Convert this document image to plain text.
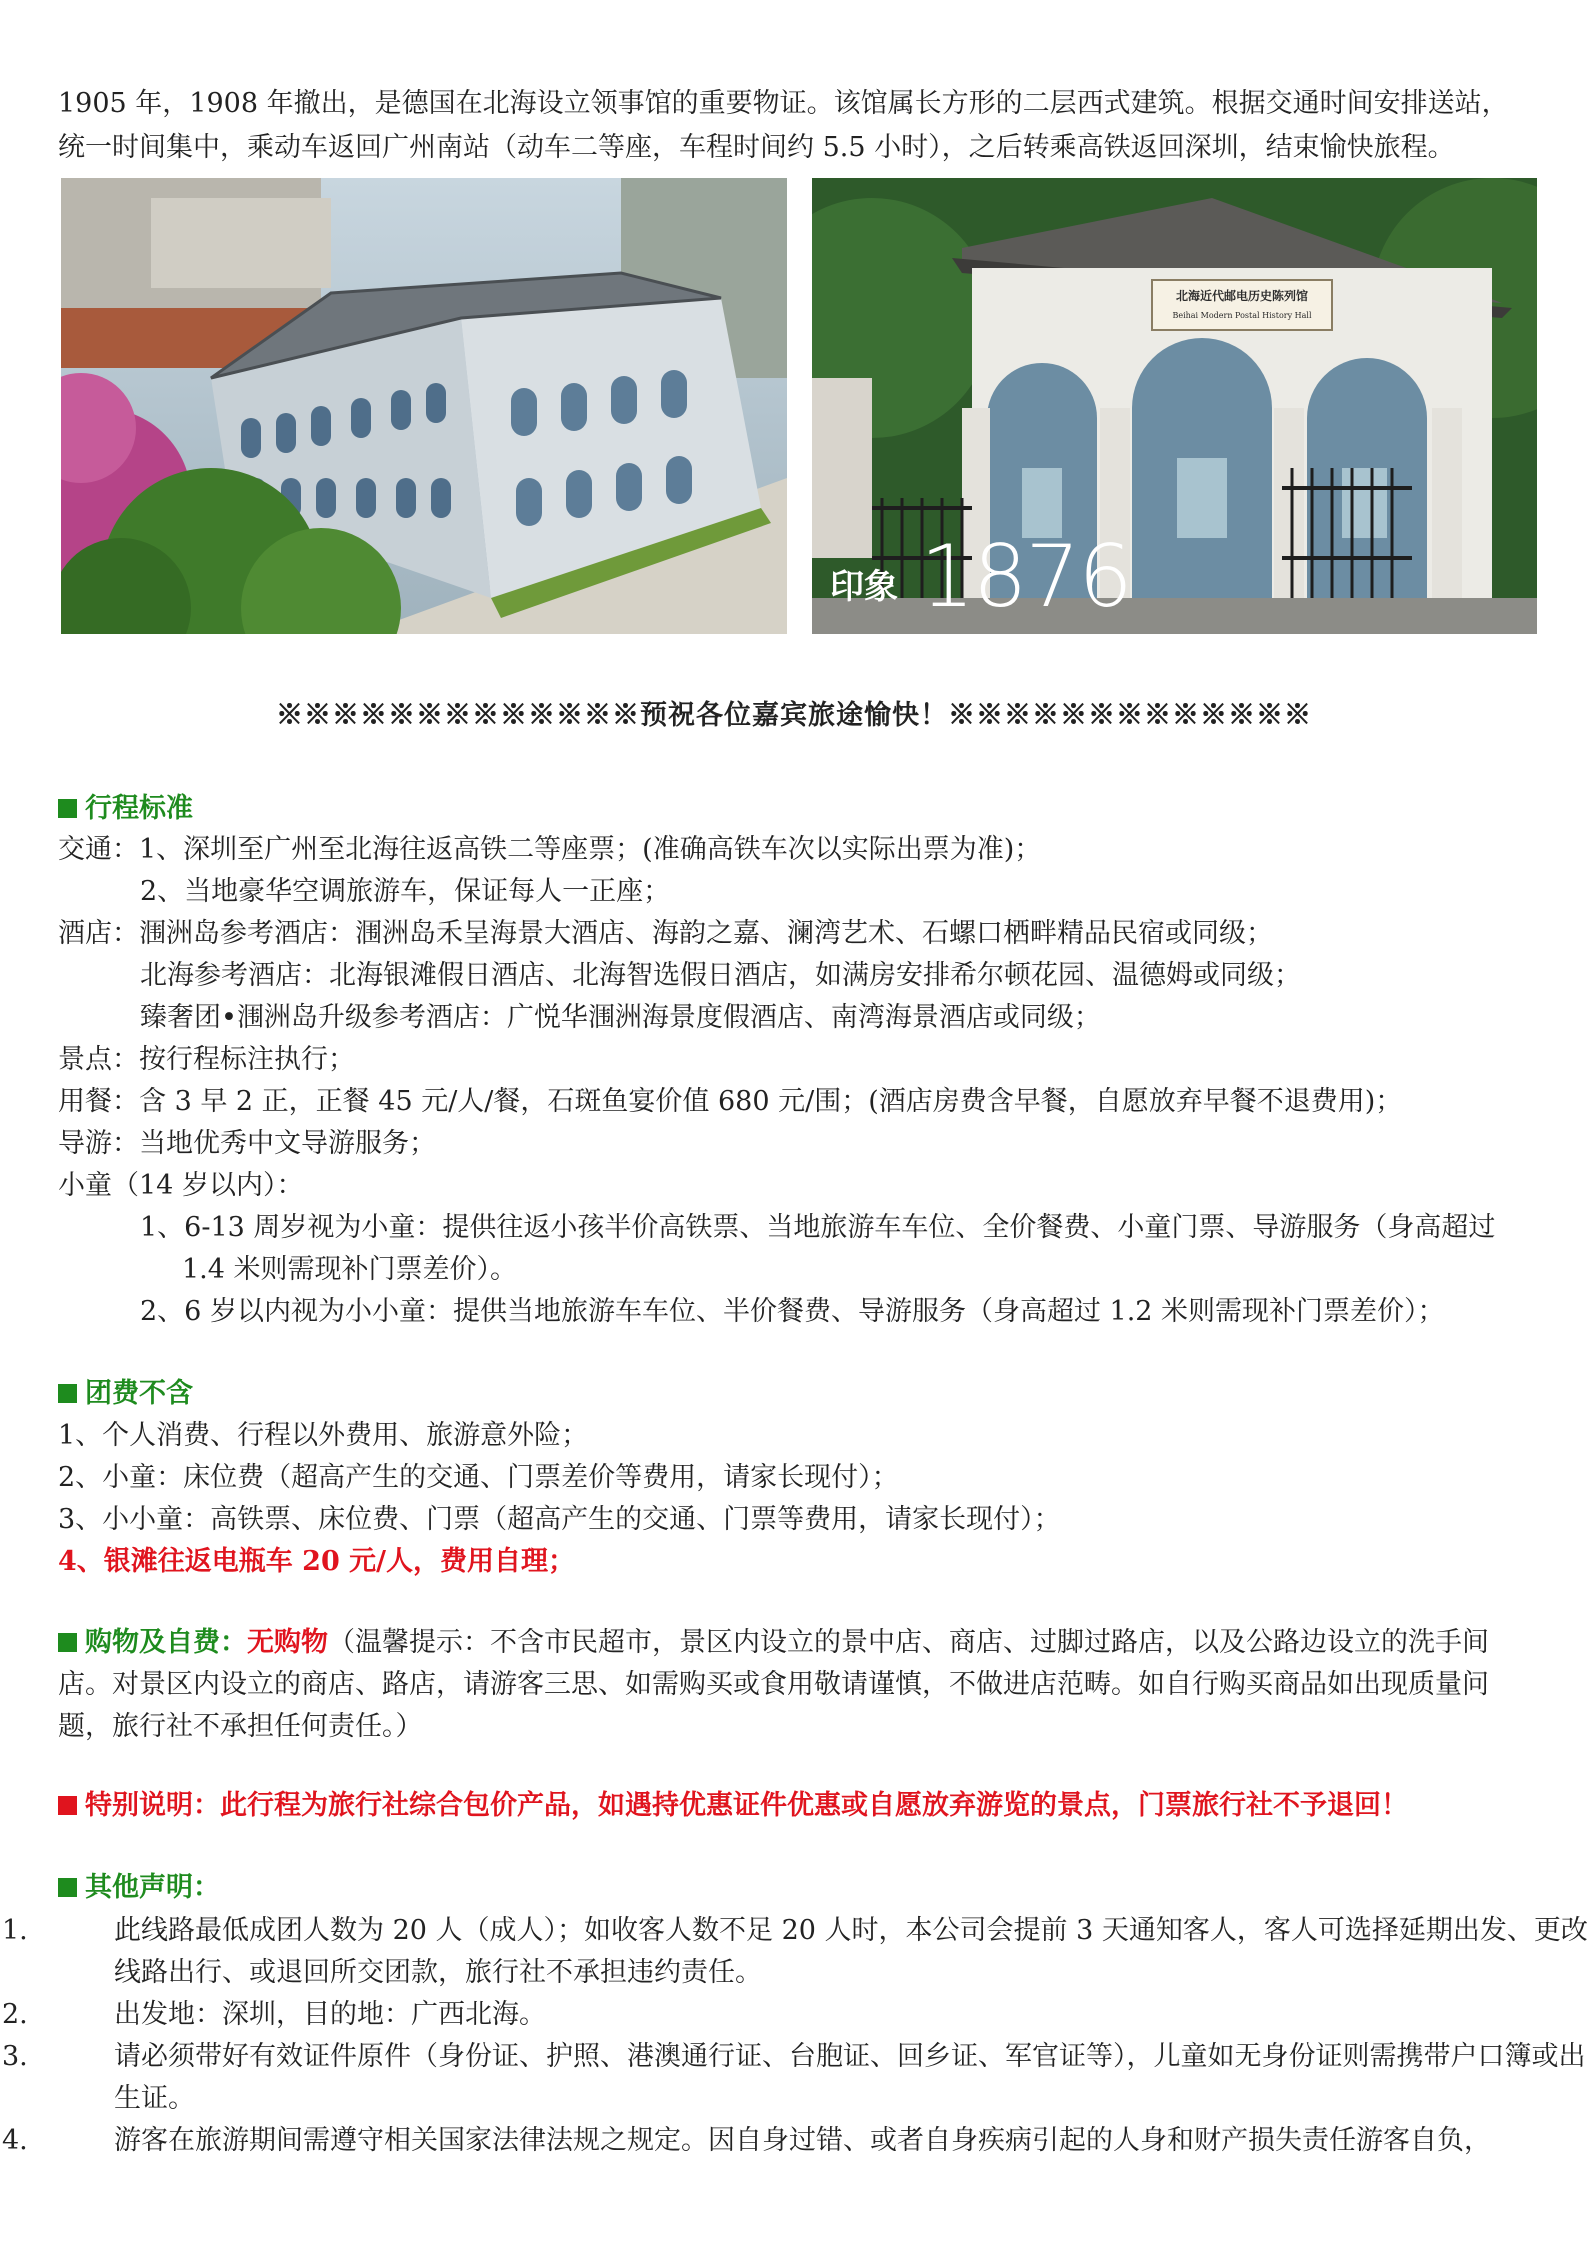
1905 年，1908 年撤出，是德国在北海设立领事馆的重要物证。该馆属长方形的二层西式建筑。根据交通时间安排送站，
统一时间集中，乘动车返回广州南站（动车二等座，车程时间约 5.5 小时），之后转乘高铁返回深圳，结束愉快旅程。
北海近代邮电历史陈列馆
Beihai Modern Postal History Hall
印象 1876
※※※※※※※※※※※※※预祝各位嘉宾旅途愉快！※※※※※※※※※※※※※
行程标准
交通：1、深圳至广州至北海往返高铁二等座票；(准确高铁车次以实际出票为准)；
2、当地豪华空调旅游车，保证每人一正座；
酒店：涠洲岛参考酒店：涠洲岛禾呈海景大酒店、海韵之嘉、澜湾艺术、石螺口栖畔精品民宿或同级；
北海参考酒店：北海银滩假日酒店、北海智选假日酒店，如满房安排希尔顿花园、温德姆或同级；
臻奢团•涠洲岛升级参考酒店：广悦华涠洲海景度假酒店、南湾海景酒店或同级；
景点：按行程标注执行；
用餐：含 3 早 2 正，正餐 45 元/人/餐，石斑鱼宴价值 680 元/围；(酒店房费含早餐，自愿放弃早餐不退费用)；
导游：当地优秀中文导游服务；
小童（14 岁以内）：
1、6-13 周岁视为小童：提供往返小孩半价高铁票、当地旅游车车位、全价餐费、小童门票、导游服务（身高超过
1.4 米则需现补门票差价）。
2、6 岁以内视为小小童：提供当地旅游车车位、半价餐费、导游服务（身高超过 1.2 米则需现补门票差价）；
团费不含
1、个人消费、行程以外费用、旅游意外险；
2、小童：床位费（超高产生的交通、门票差价等费用，请家长现付）；
3、小小童：高铁票、床位费、门票（超高产生的交通、门票等费用，请家长现付）；
4、银滩往返电瓶车 20 元/人，费用自理；
购物及自费：无购物（温馨提示：不含市民超市，景区内设立的景中店、商店、过脚过路店，以及公路边设立的洗手间店。对景区内设立的商店、路店，请游客三思、如需购买或食用敬请谨慎，不做进店范畴。如自行购买商品如出现质量问题，旅行社不承担任何责任。）
特别说明：此行程为旅行社综合包价产品，如遇持优惠证件优惠或自愿放弃游览的景点，门票旅行社不予退回！
其他声明：
1.	此线路最低成团人数为 20 人（成人）；如收客人数不足 20 人时，本公司会提前 3 天通知客人，客人可选择延期出发、更改线路出行、或退回所交团款，旅行社不承担违约责任。
2.	出发地：深圳，目的地：广西北海。
3.	请必须带好有效证件原件（身份证、护照、港澳通行证、台胞证、回乡证、军官证等），儿童如无身份证则需携带户口簿或出生证。
4.	游客在旅游期间需遵守相关国家法律法规之规定。因自身过错、或者自身疾病引起的人身和财产损失责任游客自负，
